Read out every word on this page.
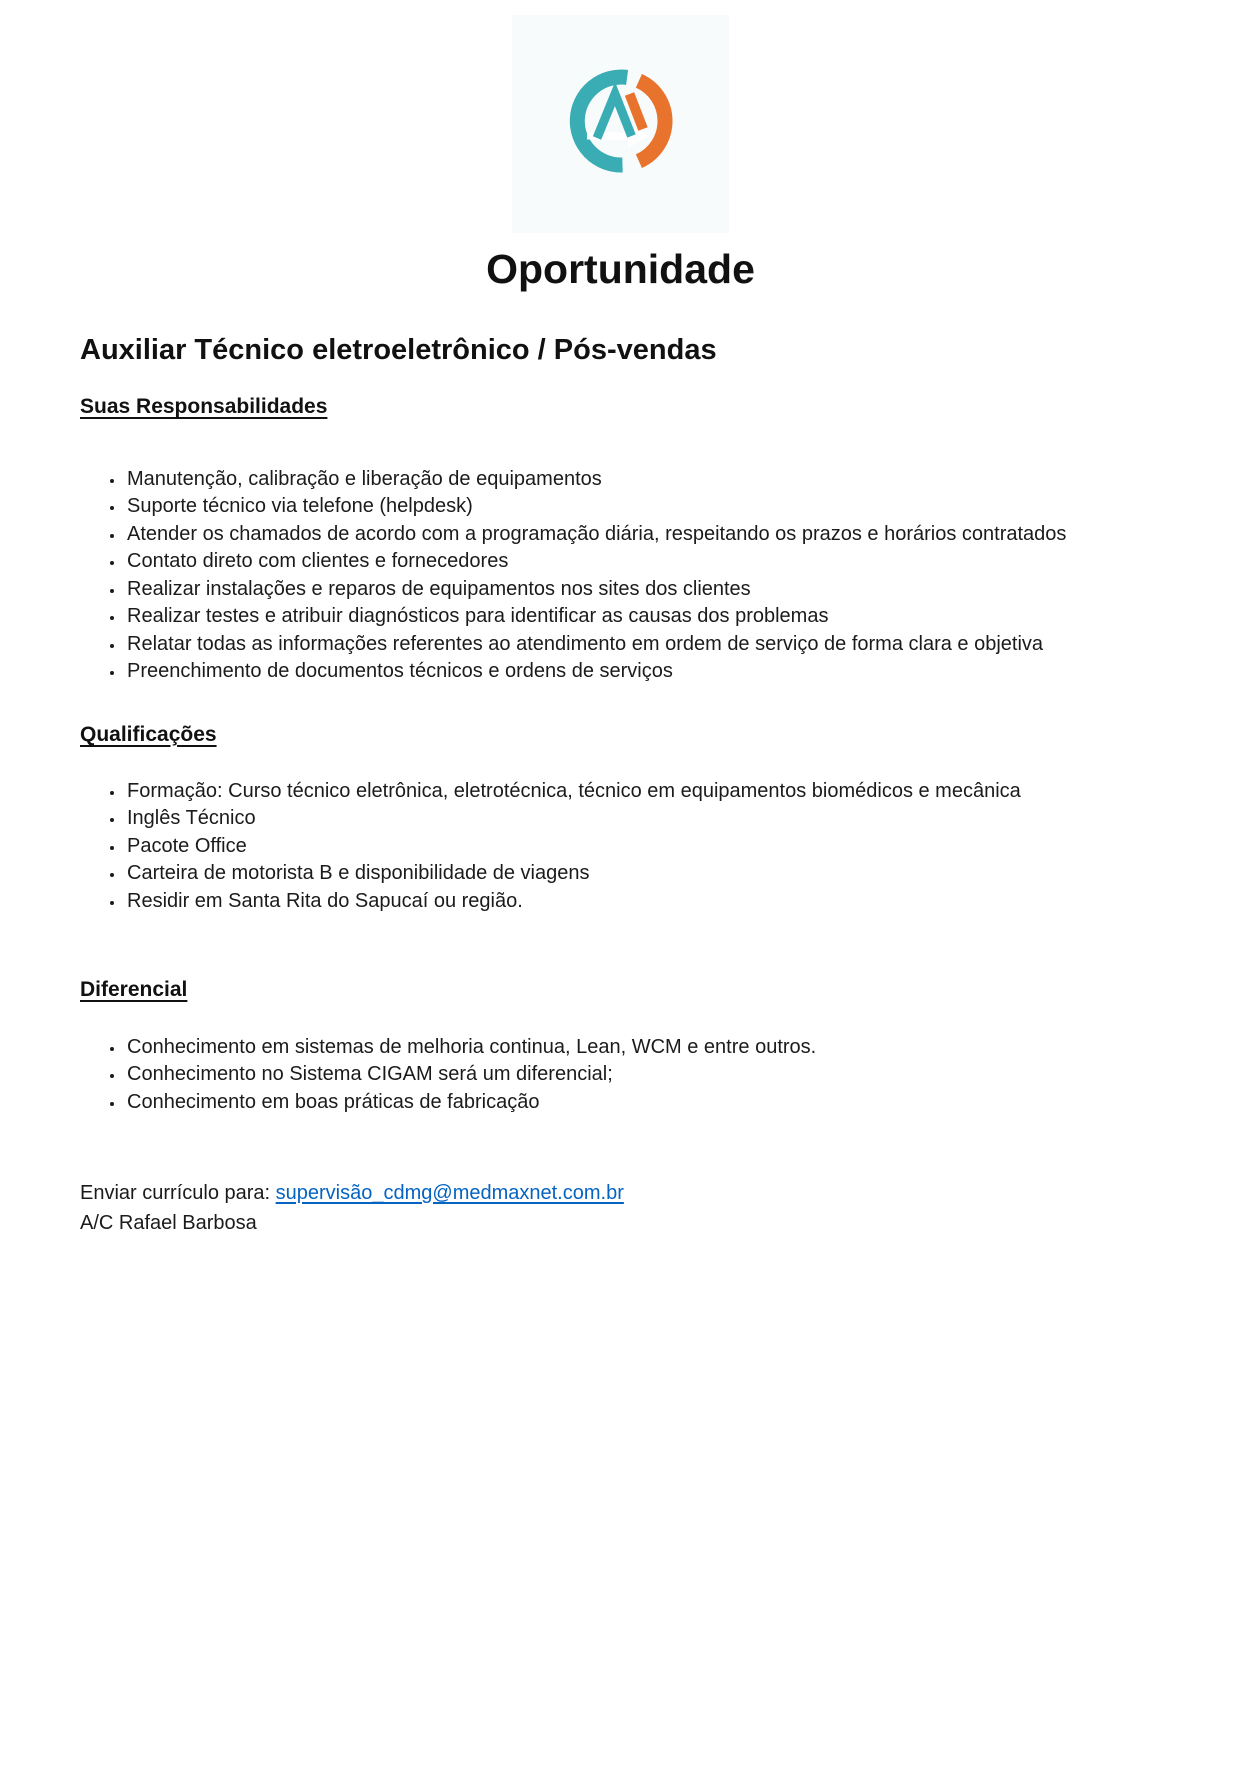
Oportunidade
Auxiliar Técnico eletroeletrônico / Pós-vendas
Suas Responsabilidades
• Manutenção, calibração e liberação de equipamentos
• Suporte técnico via telefone (helpdesk)
• Atender os chamados de acordo com a programação diária, respeitando os prazos e horários contratados
• Contato direto com clientes e fornecedores
• Realizar instalações e reparos de equipamentos nos sites dos clientes
• Realizar testes e atribuir diagnósticos para identificar as causas dos problemas
• Relatar todas as informações referentes ao atendimento em ordem de serviço de forma clara e objetiva
• Preenchimento de documentos técnicos e ordens de serviços
Qualificações
• Formação: Curso técnico eletrônica, eletrotécnica, técnico em equipamentos biomédicos e mecânica
• Inglês Técnico
• Pacote Office
• Carteira de motorista B e disponibilidade de viagens
• Residir em Santa Rita do Sapucaí ou região.
Diferencial
• Conhecimento em sistemas de melhoria continua, Lean, WCM e entre outros.
• Conhecimento no Sistema CIGAM será um diferencial;
• Conhecimento em boas práticas de fabricação

Enviar currículo para: supervisão_cdmg@medmaxnet.com.br

A/C Rafael Barbosa
